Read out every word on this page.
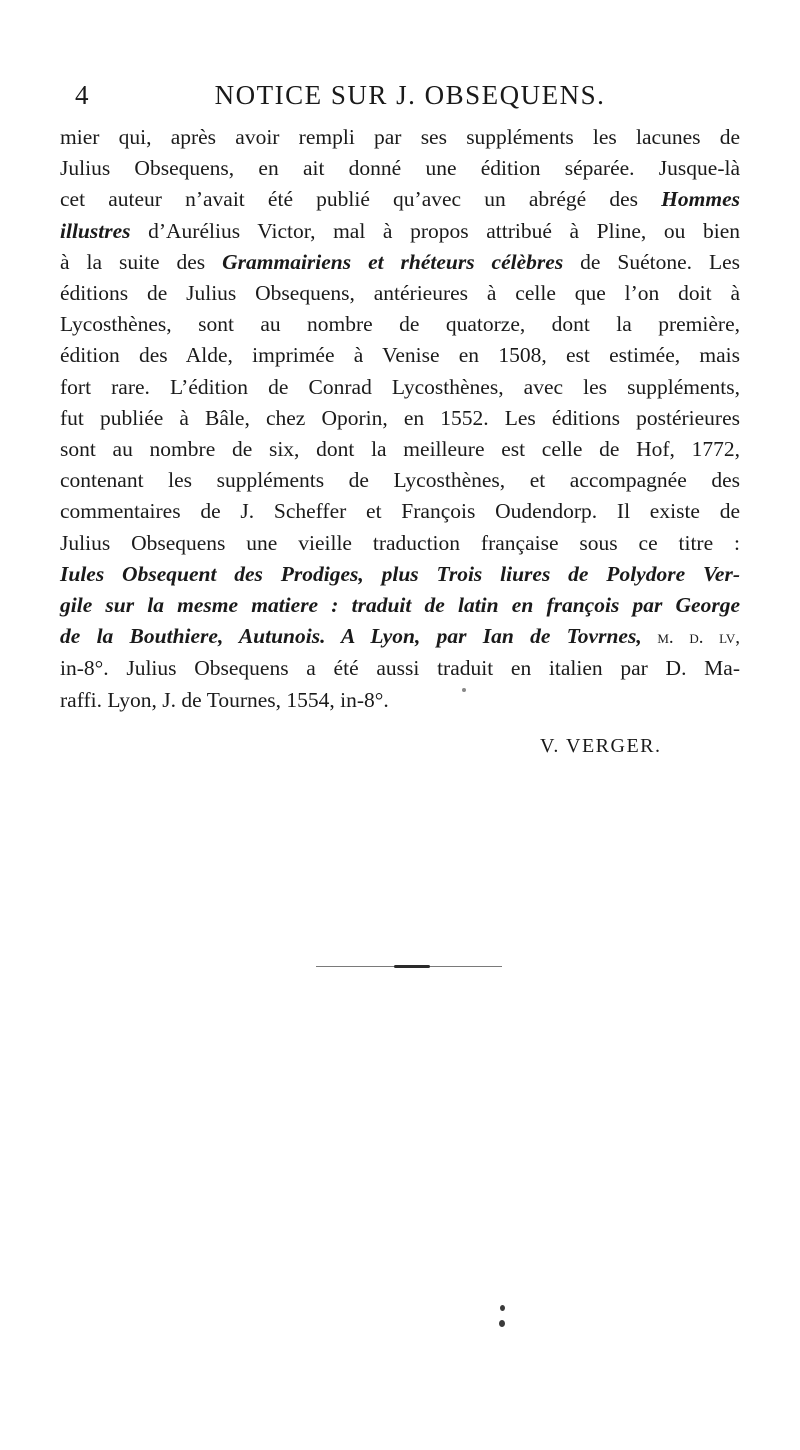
4	NOTICE SUR J. OBSEQUENS.
mier qui, après avoir rempli par ses suppléments les lacunes de
Julius Obsequens, en ait donné une édition séparée. Jusque-là
cet auteur n’avait été publié qu’avec un abrégé des Hommes
illustres d’Aurélius Victor, mal à propos attribué à Pline, ou bien
à la suite des Grammairiens et rhéteurs célèbres de Suétone. Les
éditions de Julius Obsequens, antérieures à celle que l’on doit à
Lycosthènes, sont au nombre de quatorze, dont la première,
édition des Alde, imprimée à Venise en 1508, est estimée, mais
fort rare. L’édition de Conrad Lycosthènes, avec les suppléments,
fut publiée à Bâle, chez Oporin, en 1552. Les éditions postérieures
sont au nombre de six, dont la meilleure est celle de Hof, 1772,
contenant les suppléments de Lycosthènes, et accompagnée des
commentaires de J. Scheffer et François Oudendorp. Il existe de
Julius Obsequens une vieille traduction française sous ce titre :
Iules Obsequent des Prodiges, plus Trois liures de Polydore Ver-
gile sur la mesme matiere : traduit de latin en françois par George
de la Bouthiere, Autunois. A Lyon, par Ian de Tovrnes, m. d. lv,
in-8°. Julius Obsequens a été aussi traduit en italien par D. Ma-
raffi. Lyon, J. de Tournes, 1554, in-8°.
V. VERGER.
